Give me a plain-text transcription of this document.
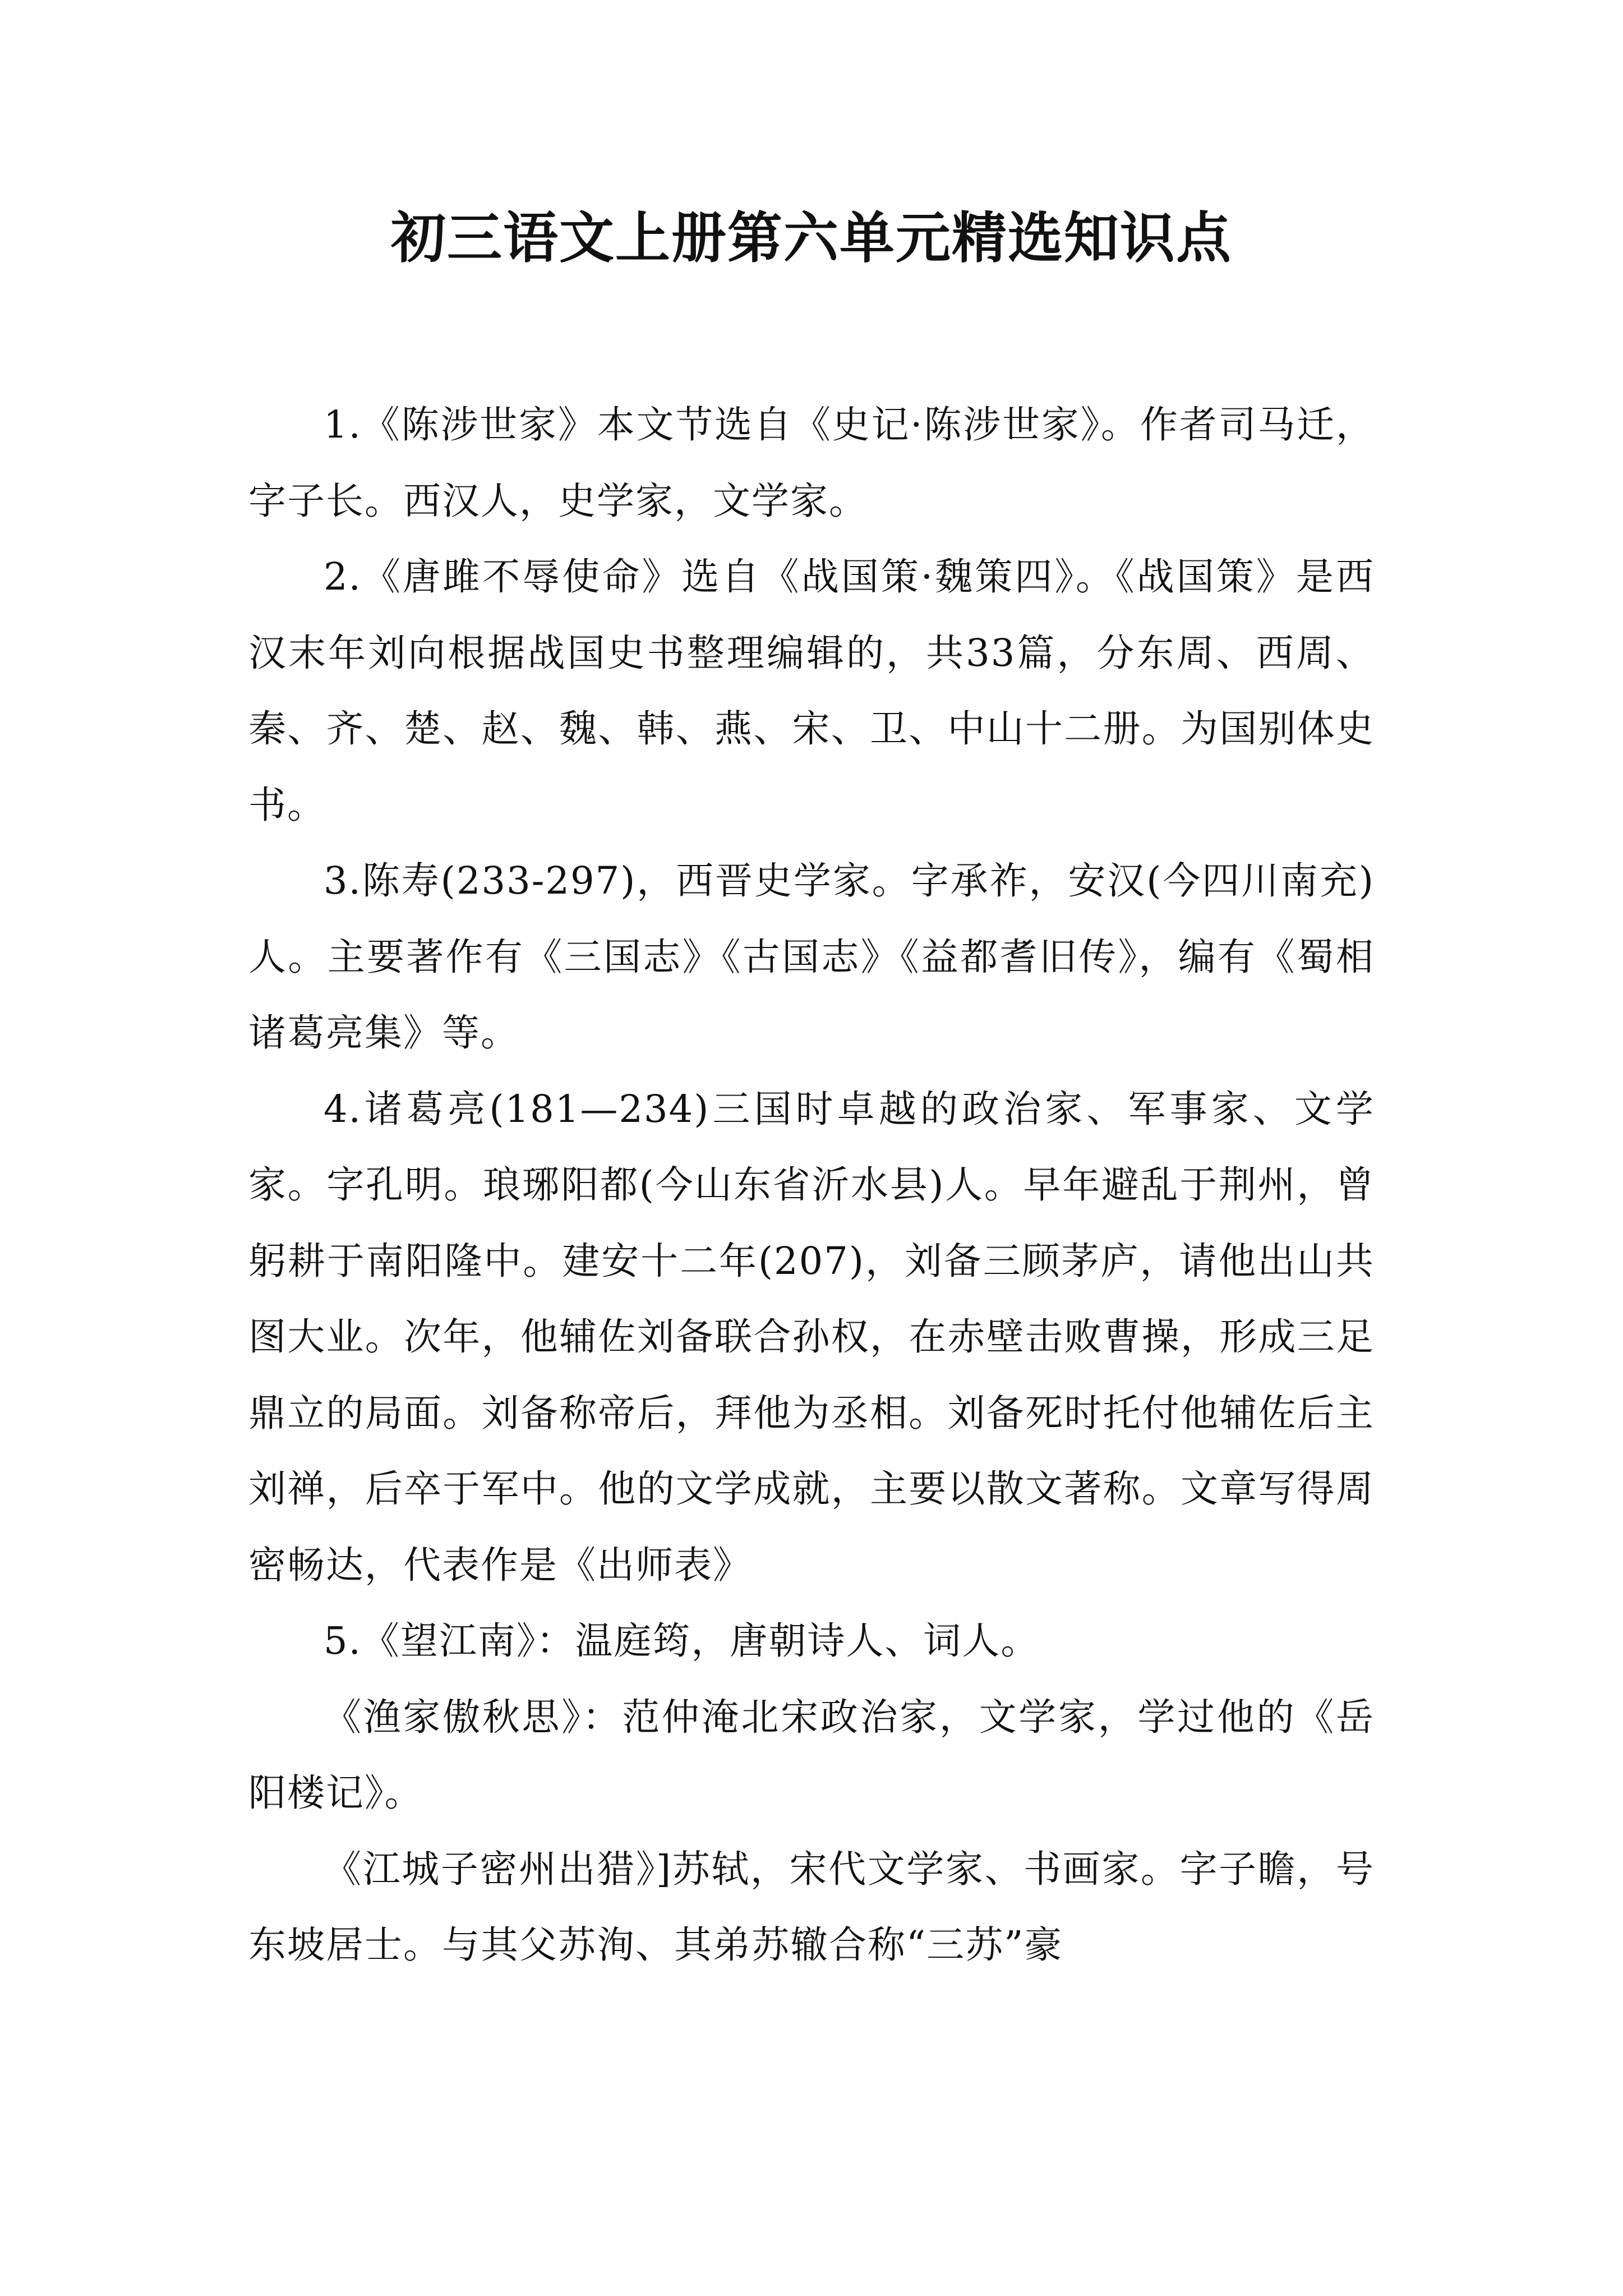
初三语文上册第六单元精选知识点

1.《陈涉世家》本文节选自《史记·陈涉世家》。作者司马迁，字子长。西汉人，史学家，文学家。

2.《唐雎不辱使命》选自《战国策·魏策四》。《战国策》是西汉末年刘向根据战国史书整理编辑的，共33篇，分东周、西周、秦、齐、楚、赵、魏、韩、燕、宋、卫、中山十二册。为国别体史书。

3.陈寿(233-297)，西晋史学家。字承祚，安汉(今四川南充)人。主要著作有《三国志》《古国志》《益都耆旧传》，编有《蜀相诸葛亮集》等。

4.诸葛亮(181—234)三国时卓越的政治家、军事家、文学家。字孔明。琅琊阳都(今山东省沂水县)人。早年避乱于荆州，曾躬耕于南阳隆中。建安十二年(207)，刘备三顾茅庐，请他出山共图大业。次年，他辅佐刘备联合孙权，在赤壁击败曹操，形成三足鼎立的局面。刘备称帝后，拜他为丞相。刘备死时托付他辅佐后主刘禅，后卒于军中。他的文学成就，主要以散文著称。文章写得周密畅达，代表作是《出师表》

5.《望江南》：温庭筠，唐朝诗人、词人。

《渔家傲秋思》：范仲淹北宋政治家，文学家，学过他的《岳阳楼记》。

《江城子密州出猎》]苏轼，宋代文学家、书画家。字子瞻，号东坡居士。与其父苏洵、其弟苏辙合称“三苏”豪
